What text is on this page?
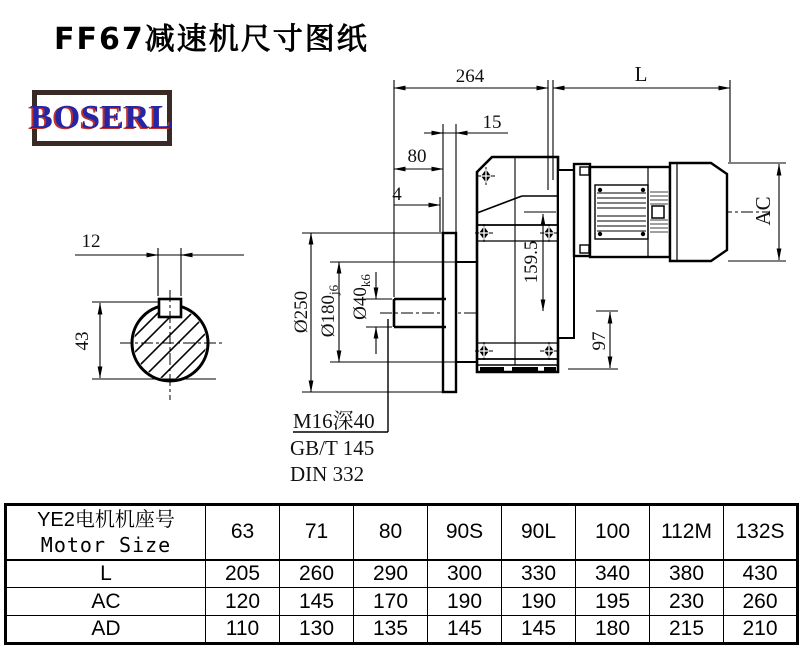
FF67减速机尺寸图纸
BOSERL
12
43
264	L
15
80
4
Ø250 $Ø180_{j6}$ $Ø40_{k6}$	159.5
97
AC
M16深40
GB/T 145
DIN 332
YE2电机机座号
Motor Size	63	71	80	90S	90L	100	112M	132S
L	205	260	290	300	330	340	380	430
AC	120	145	170	190	190	195	230	260
AD	110	130	135	145	145	180	215	210
